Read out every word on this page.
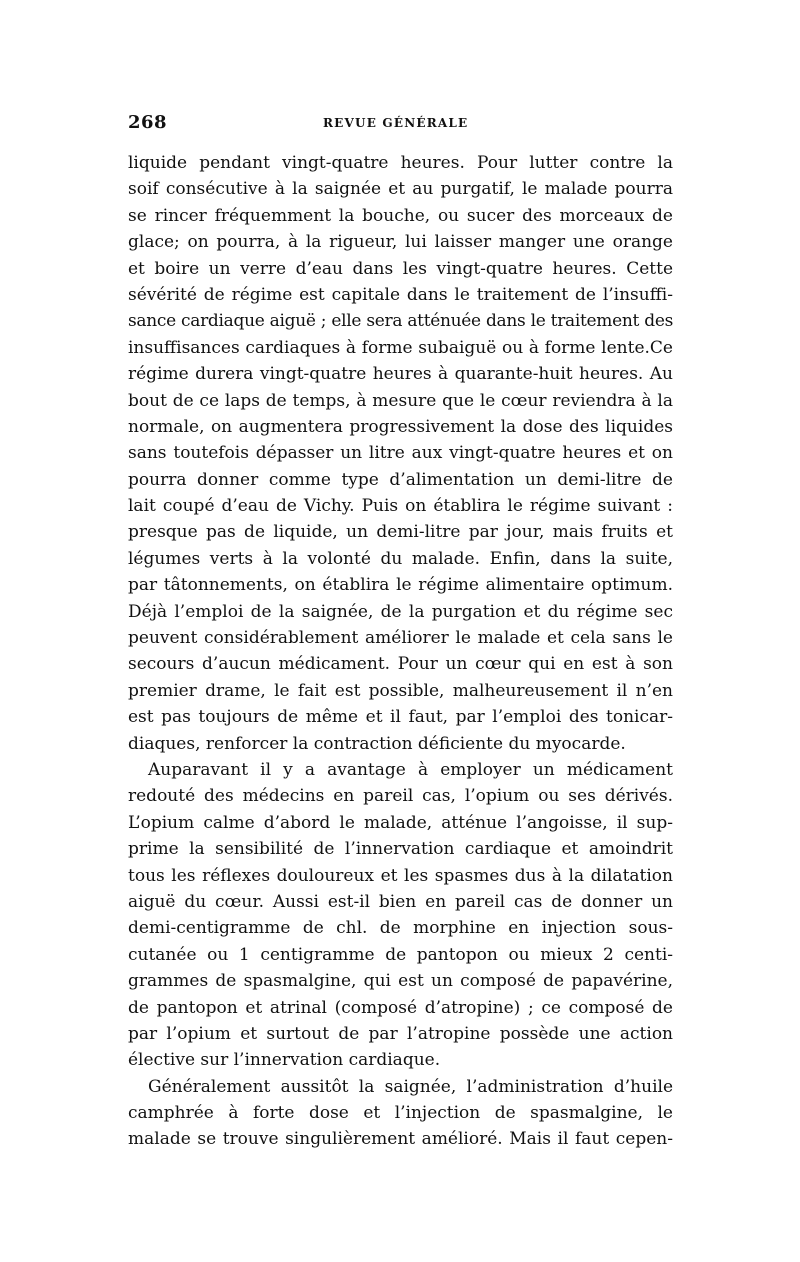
268	REVUE GÉNÉRALE
liquide pendant vingt-quatre heures. Pour lutter contre la
soif consécutive à la saignée et au purgatif, le malade pourra
se rincer fréquemment la bouche, ou sucer des morceaux de
glace; on pourra, à la rigueur, lui laisser manger une orange
et boire un verre d’eau dans les vingt-quatre heures. Cette
sévérité de régime est capitale dans le traitement de l’insuffi-
sance cardiaque aiguë ; elle sera atténuée dans le traitement des
insuffisances cardiaques à forme subaiguë ou à forme lente.Ce
régime durera vingt-quatre heures à quarante-huit heures. Au
bout de ce laps de temps, à mesure que le cœur reviendra à la
normale, on augmentera progressivement la dose des liquides
sans toutefois dépasser un litre aux vingt-quatre heures et on
pourra donner comme type d’alimentation un demi-litre de
lait coupé d’eau de Vichy. Puis on établira le régime suivant :
presque pas de liquide, un demi-litre par jour, mais fruits et
légumes verts à la volonté du malade. Enfin, dans la suite,
par tâtonnements, on établira le régime alimentaire optimum.
Déjà l’emploi de la saignée, de la purgation et du régime sec
peuvent considérablement améliorer le malade et cela sans le
secours d’aucun médicament. Pour un cœur qui en est à son
premier drame, le fait est possible, malheureusement il n’en
est pas toujours de même et il faut, par l’emploi des tonicar-
diaques, renforcer la contraction déficiente du myocarde.
Auparavant il y a avantage à employer un médicament
redouté des médecins en pareil cas, l’opium ou ses dérivés.
L’opium calme d’abord le malade, atténue l’angoisse, il sup-
prime la sensibilité de l’innervation cardiaque et amoindrit
tous les réflexes douloureux et les spasmes dus à la dilatation
aiguë du cœur. Aussi est-il bien en pareil cas de donner un
demi-centigramme de chl. de morphine en injection sous-
cutanée ou 1 centigramme de pantopon ou mieux 2 centi-
grammes de spasmalgine, qui est un composé de papavérine,
de pantopon et atrinal (composé d’atropine) ; ce composé de
par l’opium et surtout de par l’atropine possède une action
élective sur l’innervation cardiaque.
Généralement aussitôt la saignée, l’administration d’huile
camphrée à forte dose et l’injection de spasmalgine, le
malade se trouve singulièrement amélioré. Mais il faut cepen-
